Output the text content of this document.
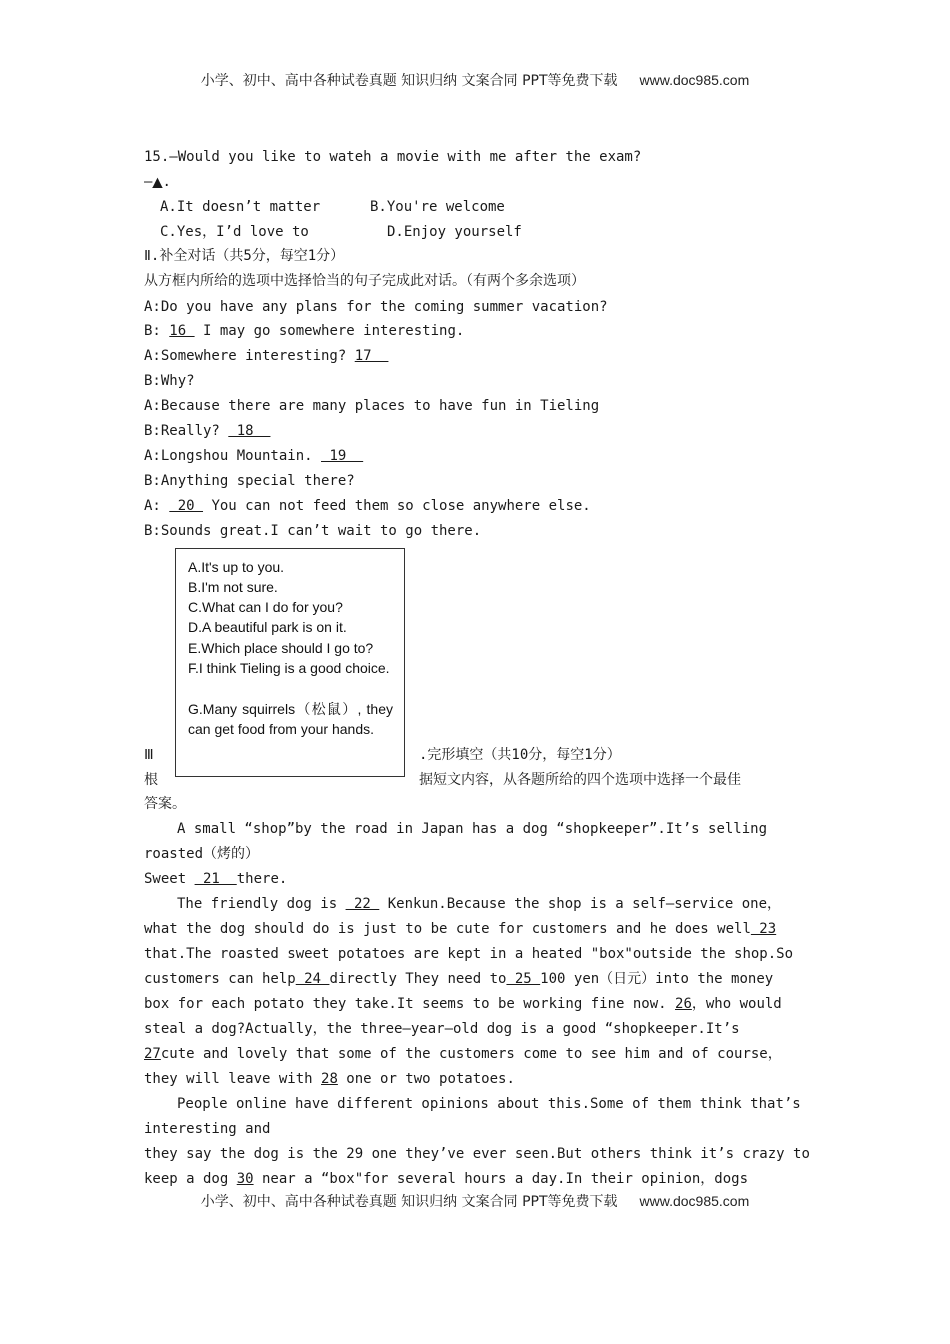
小学、初中、高中各种试卷真题 知识归纳 文案合同 PPT等免费下载 www.doc985.com
15.—Would you like to wateh a movie with me after the exam?
—▲.
A.It doesn’t matter	B.You're welcome
C.Yes，I’d love to	D.Enjoy yourself
Ⅱ.补全对话（共5分，每空1分）
从方框内所给的选项中选择恰当的句子完成此对话。（有两个多余选项）
A:Do you have any plans for the coming summer vacation?
B: 16  I may go somewhere interesting.
A:Somewhere interesting? 17
B:Why?
A:Because there are many places to have fun in Tieling
B:Really?  18
A:Longshou Mountain.  19
B:Anything special there?
A:  20  You can not feed them so close anywhere else.
B:Sounds great.I can’t wait to go there.
A.It's up to you.
B.I'm not sure.
C.What can I do for you?
D.A beautiful park is on it.
E.Which place should I go to?
F.I think Tieling is a good choice.
G.Many squirrels（松鼠）, they can get food from your hands.
Ⅲ	.完形填空（共10分，每空1分）
根	据短文内容，从各题所给的四个选项中选择一个最佳
答案。
A small “shop”by the road in Japan has a dog “shopkeeper”.It’s selling
roasted（烤的）
Sweet  21  there.
The friendly dog is  22  Kenkun.Because the shop is a self—service one，
what the dog should do is just to be cute for customers and he does well 23
that.The roasted sweet potatoes are kept in a heated "box"outside the shop.So
customers can help 24 directly They need to 25 100 yen（日元）into the money
box for each potato they take.It seems to be working fine now. 26，who would
steal a dog?Actually，the three—year—old dog is a good “shopkeeper.It’s
27cute and lovely that some of the customers come to see him and of course，
they will leave with 28 one or two potatoes.
People online have different opinions about this.Some of them think that’s
interesting and
they say the dog is the 29 one they’ve ever seen.But others think it’s crazy to
keep a dog 30 near a “box"for several hours a day.In their opinion，dogs
小学、初中、高中各种试卷真题 知识归纳 文案合同 PPT等免费下载 www.doc985.com
